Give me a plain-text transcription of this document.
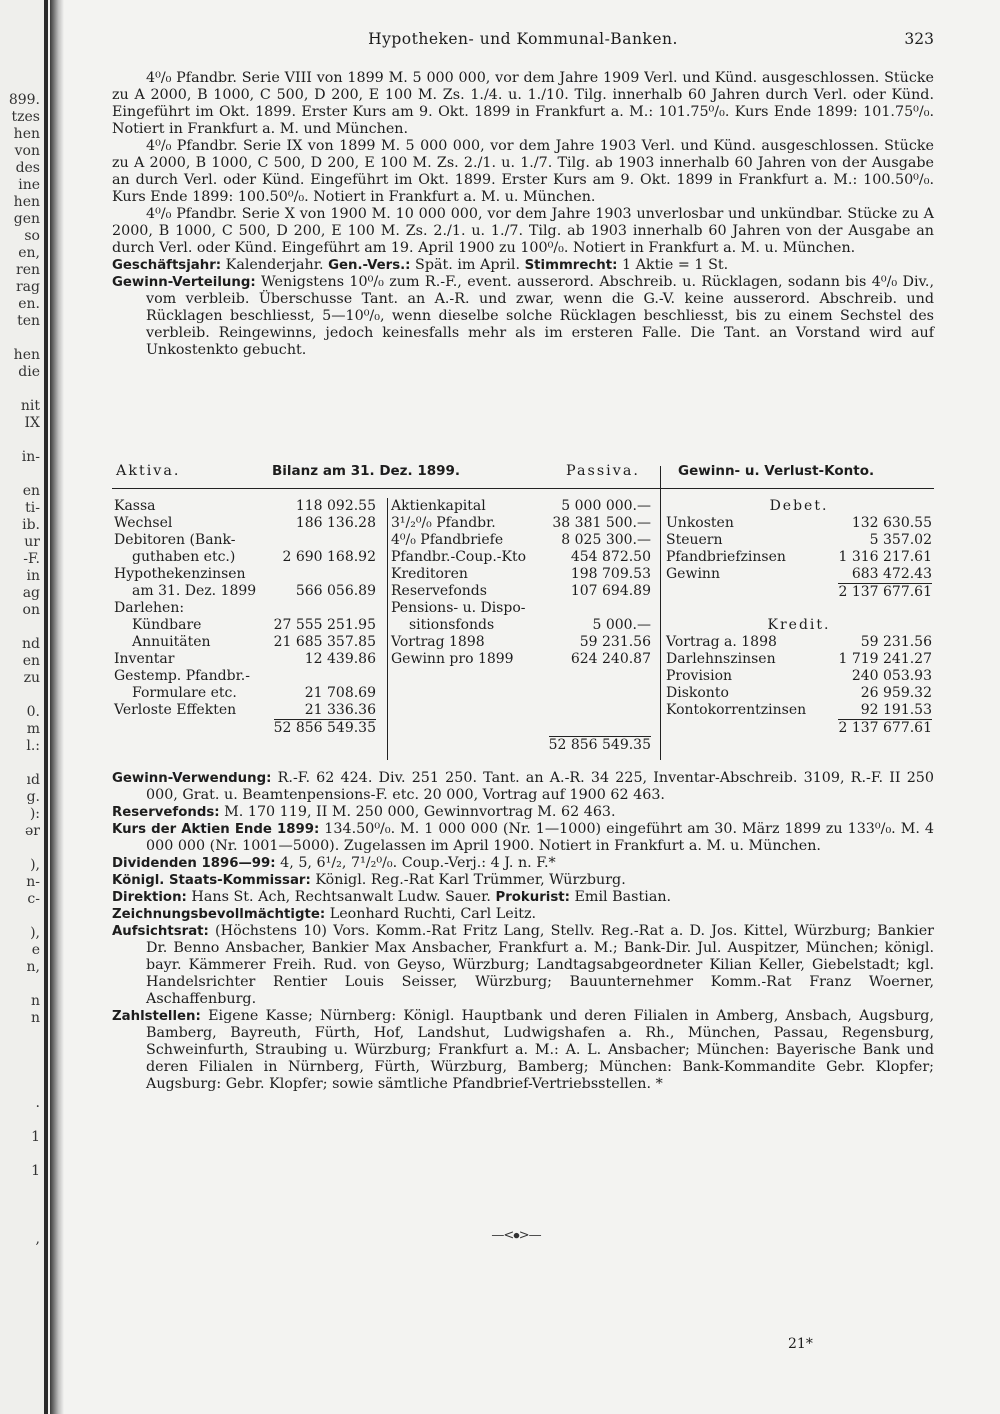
899.
tzes
hen
von
des
ine
hen
gen
so
en,
ren
rag
en.
ten
hen
die
nit
IX
in-
en
ti-
ib.
ur
-F.
in
ag
on
nd
en
zu
0.
m
l.:
ıd
g.
):
ər
),
n-
c-
),
e
n,
n
n
.
1
1
,
Hypotheken- und Kommunal-Banken.	323

4⁰/₀ Pfandbr. Serie VIII von 1899 M. 5 000 000, vor dem Jahre 1909 Verl. und Künd. ausgeschlossen. Stücke zu A 2000, B 1000, C 500, D 200, E 100 M. Zs. 1./4. u. 1./10. Tilg. innerhalb 60 Jahren durch Verl. oder Künd. Eingeführt im Okt. 1899. Erster Kurs am 9. Okt. 1899 in Frankfurt a. M.: 101.75⁰/₀. Kurs Ende 1899: 101.75⁰/₀. Notiert in Frankfurt a. M. und München.

4⁰/₀ Pfandbr. Serie IX von 1899 M. 5 000 000, vor dem Jahre 1903 Verl. und Künd. ausgeschlossen. Stücke zu A 2000, B 1000, C 500, D 200, E 100 M. Zs. 2./1. u. 1./7. Tilg. ab 1903 innerhalb 60 Jahren von der Ausgabe an durch Verl. oder Künd. Eingeführt im Okt. 1899. Erster Kurs am 9. Okt. 1899 in Frankfurt a. M.: 100.50⁰/₀. Kurs Ende 1899: 100.50⁰/₀. Notiert in Frankfurt a. M. u. München.

4⁰/₀ Pfandbr. Serie X von 1900 M. 10 000 000, vor dem Jahre 1903 unverlosbar und unkündbar. Stücke zu A 2000, B 1000, C 500, D 200, E 100 M. Zs. 2./1. u. 1./7. Tilg. ab 1903 innerhalb 60 Jahren von der Ausgabe an durch Verl. oder Künd. Eingeführt am 19. April 1900 zu 100⁰/₀. Notiert in Frankfurt a. M. u. München.

Geschäftsjahr: Kalenderjahr. Gen.-Vers.: Spät. im April. Stimmrecht: 1 Aktie = 1 St.

Gewinn-Verteilung: Wenigstens 10⁰/₀ zum R.-F., event. ausserord. Abschreib. u. Rücklagen, sodann bis 4⁰/₀ Div., vom verbleib. Überschusse Tant. an A.-R. und zwar, wenn die G.-V. keine ausserord. Abschreib. und Rücklagen beschliesst, 5—10⁰/₀, wenn dieselbe solche Rücklagen beschliesst, bis zu einem Sechstel des verbleib. Reingewinns, jedoch keinesfalls mehr als im ersteren Falle. Die Tant. an Vorstand wird auf Unkostenkto gebucht.

Aktiva.	Bilanz am 31. Dez. 1899.	Passiva.	Gewinn- u. Verlust-Konto.
Kassa	118 092.55
Wechsel	186 136.28
Debitoren (Bank-
guthaben etc.)	2 690 168.92
Hypothekenzinsen
am 31. Dez. 1899	566 056.89
Darlehen:
Kündbare	27 555 251.95
Annuitäten	21 685 357.85
Inventar	12 439.86
Gestemp. Pfandbr.-
Formulare etc.	21 708.69
Verloste Effekten	21 336.36
52 856 549.35
Aktienkapital	5 000 000.—
3¹/₂⁰/₀ Pfandbr.	38 381 500.—
4⁰/₀ Pfandbriefe	8 025 300.—
Pfandbr.-Coup.-Kto	454 872.50
Kreditoren	198 709.53
Reservefonds	107 694.89
Pensions- u. Dispo-
sitionsfonds	5 000.—
Vortrag 1898	59 231.56
Gewinn pro 1899	624 240.87
52 856 549.35
Debet.
Unkosten	132 630.55
Steuern	5 357.02
Pfandbriefzinsen	1 316 217.61
Gewinn	683 472.43
2 137 677.61
Kredit.
Vortrag a. 1898	59 231.56
Darlehnszinsen	1 719 241.27
Provision	240 053.93
Diskonto	26 959.32
Kontokorrentzinsen	92 191.53
2 137 677.61

Gewinn-Verwendung: R.-F. 62 424. Div. 251 250. Tant. an A.-R. 34 225, Inventar-Abschreib. 3109, R.-F. II 250 000, Grat. u. Beamtenpensions-F. etc. 20 000, Vortrag auf 1900 62 463.

Reservefonds: M. 170 119, II M. 250 000, Gewinnvortrag M. 62 463.

Kurs der Aktien Ende 1899: 134.50⁰/₀. M. 1 000 000 (Nr. 1—1000) eingeführt am 30. März 1899 zu 133⁰/₀. M. 4 000 000 (Nr. 1001—5000). Zugelassen im April 1900. Notiert in Frankfurt a. M. u. München.

Dividenden 1896—99: 4, 5, 6¹/₂, 7¹/₂⁰/₀. Coup.-Verj.: 4 J. n. F.*

Königl. Staats-Kommissar: Königl. Reg.-Rat Karl Trümmer, Würzburg.

Direktion: Hans St. Ach, Rechtsanwalt Ludw. Sauer. Prokurist: Emil Bastian.

Zeichnungsbevollmächtigte: Leonhard Ruchti, Carl Leitz.

Aufsichtsrat: (Höchstens 10) Vors. Komm.-Rat Fritz Lang, Stellv. Reg.-Rat a. D. Jos. Kittel, Würzburg; Bankier Dr. Benno Ansbacher, Bankier Max Ansbacher, Frankfurt a. M.; Bank-Dir. Jul. Auspitzer, München; königl. bayr. Kämmerer Freih. Rud. von Geyso, Würzburg; Landtagsabgeordneter Kilian Keller, Giebelstadt; kgl. Handelsrichter Rentier Louis Seisser, Würzburg; Bauunternehmer Komm.-Rat Franz Woerner, Aschaffenburg.

Zahlstellen: Eigene Kasse; Nürnberg: Königl. Hauptbank und deren Filialen in Amberg, Ansbach, Augsburg, Bamberg, Bayreuth, Fürth, Hof, Landshut, Ludwigshafen a. Rh., München, Passau, Regensburg, Schweinfurth, Straubing u. Würzburg; Frankfurt a. M.: A. L. Ansbacher; München: Bayerische Bank und deren Filialen in Nürnberg, Fürth, Würzburg, Bamberg; München: Bank-Kommandite Gebr. Klopfer; Augsburg: Gebr. Klopfer; sowie sämtliche Pfandbrief-Vertriebsstellen. *

—<⦁>—
21*
